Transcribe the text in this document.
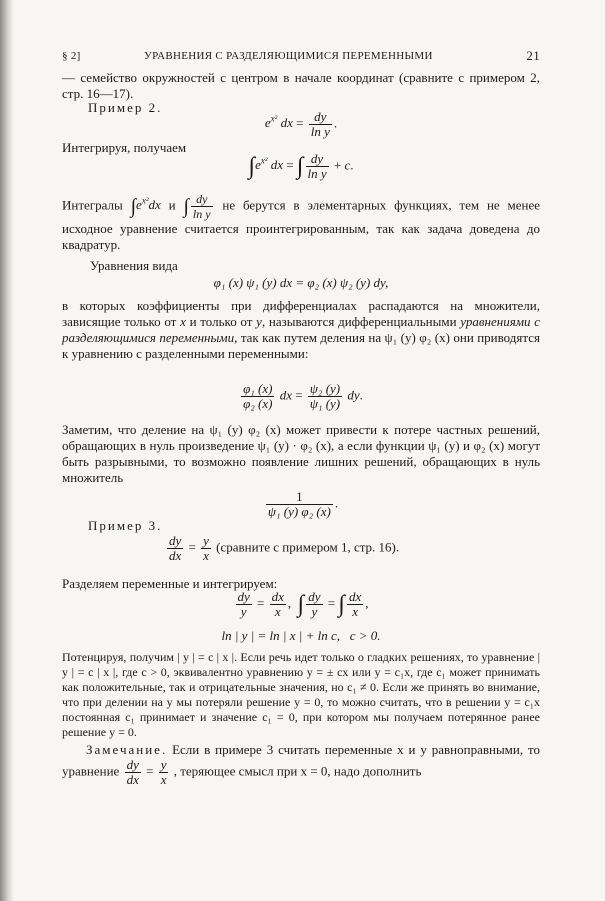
§ 2]	УРАВНЕНИЯ С РАЗДЕЛЯЮЩИМИСЯ ПЕРЕМЕННЫМИ	21
— семейство окружностей с центром в начале координат (сравните с примером 2, стр. 16—17).
Пример 2.
$e^{x^2}$ dx = $\frac{dy}{\text{ln y}}$ .
Интегрируя, получаем
$\int e^{x^2}$ dx = ∫ $\frac{dy}{\text{ln y}} + c$.
Интегралы $\int e^{x^2}dx$ и ∫ $\frac{dy}{\text{ln y}}$ не берутся в элементарных функциях, тем не менее исходное уравнение считается проинтегрированным, так как задача доведена до квадратур.
Уравнения вида
φ₁ (x) ψ₁ (y) dx = φ₂ (x) ψ₂ (y) dy,
в которых коэффициенты при дифференциалах распадаются на множители, зависящие только от x и только от y, называются дифференциальными уравнениями с разделяющимися переменными, так как путем деления на ψ₁ (y) φ₂ (x) они приводятся к уравнению с разделенными переменными:
$\frac{\text{φ₁ (x)}}{\text{φ₂ (x)}}$ dx = $\frac{\text{ψ₂ (y)}}{\text{ψ₁ (y)}}$ dy.
Заметим, что деление на ψ₁ (y) φ₂ (x) может привести к потере частных решений, обращающих в нуль произведение ψ₁ (y) · φ₂ (x), а если функции ψ₁ (y) и φ₂ (x) могут быть разрывными, то возможно появление лишних решений, обращающих в нуль множитель
$\frac{1}{\text{ψ₁ (y) φ₂ (x)}}$ .
Пример 3.
$\frac{dy}{dx} = \frac{y}{x}$ (сравните с примером 1, стр. 16).
Разделяем переменные и интегрируем:
$\frac{dy}{y} = \frac{dx}{x}$ ,  ∫ $\frac{dy}{y}$ = ∫ $\frac{dx}{x}$ ,
ln | y | = ln | x | + ln c,   c > 0.
Потенцируя, получим | y | = c | x |. Если речь идет только о гладких решениях, то уравнение | y | = c | x |, где c > 0, эквивалентно уравнению y = ± cx или y = c₁x, где c₁ может принимать как положительные, так и отрицательные значения, но c₁ ≠ 0. Если же принять во внимание, что при делении на y мы потеряли решение y = 0, то можно считать, что в решении y = c₁x постоянная c₁ принимает и значение c₁ = 0, при котором мы получаем потерянное ранее решение y = 0.
Замечание. Если в примере 3 считать переменные x и y равноправными, то уравнение $\frac{dy}{dx} = \frac{y}{x}$ , теряющее смысл при x = 0, надо дополнить
